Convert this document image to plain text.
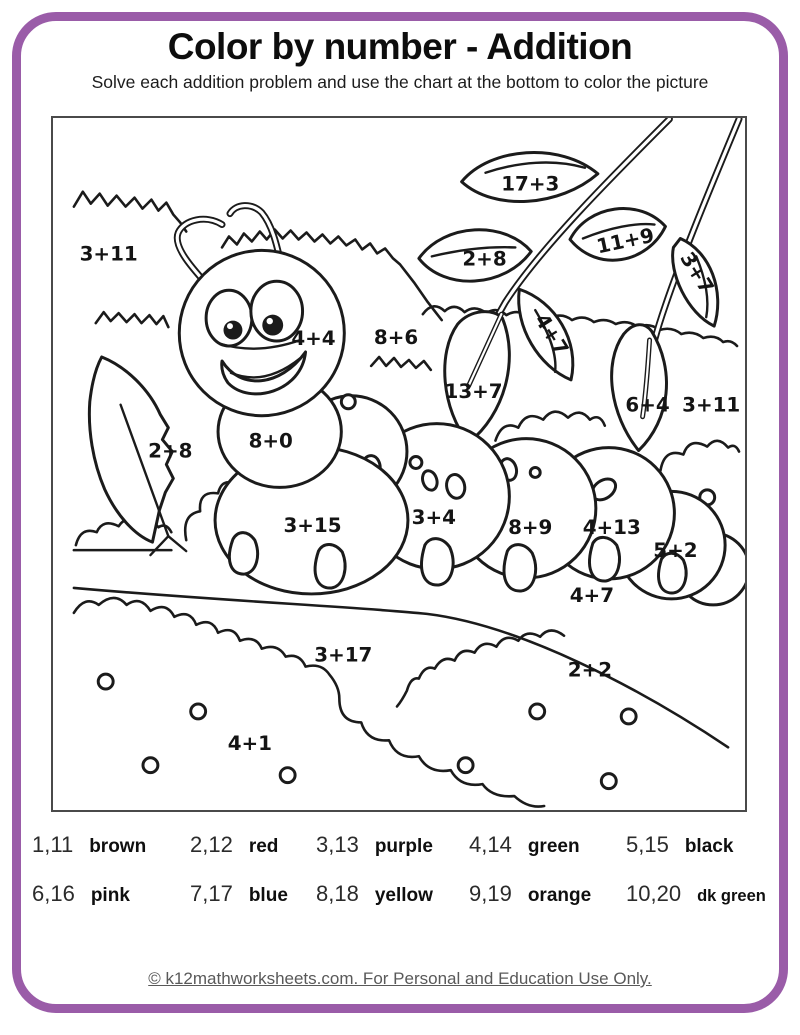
Color by number - Addition
Solve each addition problem and use the chart at the bottom to color the picture
3+11
17+3
2+8
11+9
3+7
4+4 8+6	4+7
13+7
6+4 3+11
2+8	8+0
3+15	3+4	8+9 4+13
5+2
4+7
3+17
2+2
4+1
1,11 brown 2,12 red 3,13 purple 4,14 green 5,15 black
6,16 pink	7,17 blue 8,18 yellow 9,19 orange 10,20 dk green
© k12mathworksheets.com. For Personal and Education Use Only.
